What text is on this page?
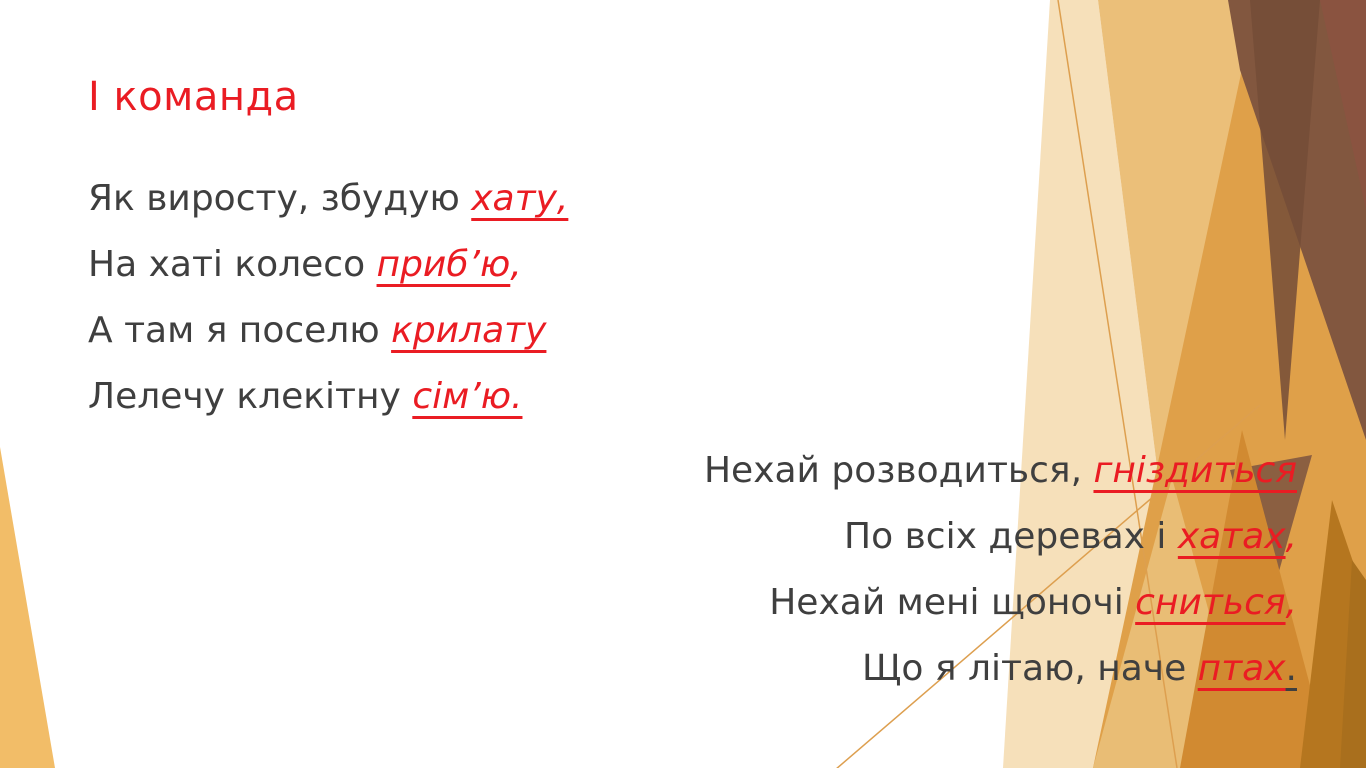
І команда
Як виросту, збудую хату,
На хаті колесо приб’ю,
А там я поселю крилату
Лелечу клекітну сім’ю.
Нехай розводиться, гніздиться
По всіх деревах і хатах,
Нехай мені щоночі сниться,
Що я літаю, наче птах.
